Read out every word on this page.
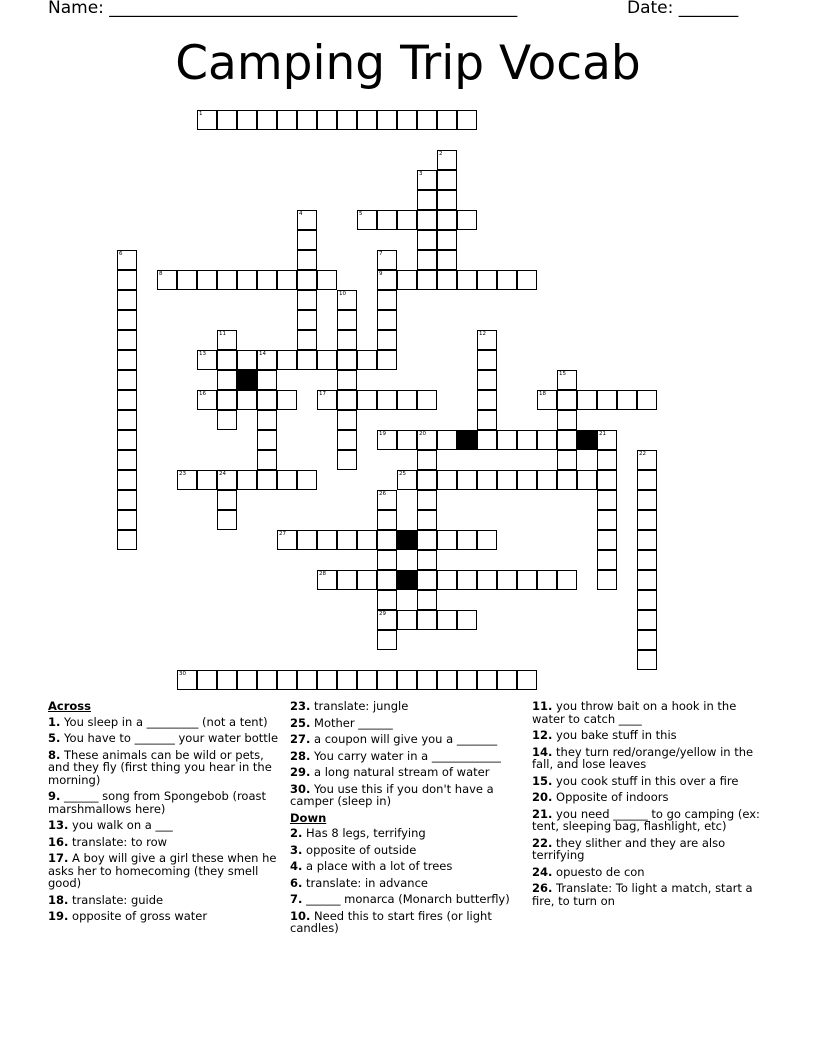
Name: ________________________________________________	Date: _______
Camping Trip Vocab
1
2
3
4	5
6	7
9
8
10
11	12
13	14
15
16	17	18
19	20	21
22
23	24	25
26
29
27
28
30
Across
1. You sleep in a _________ (not a tent)
5. You have to _______ your water bottle
8. These animals can be wild or pets, and they fly (first thing you hear in the morning)
9. ______ song from Spongebob (roast marshmallows here)
13. you walk on a ___
16. translate: to row
17. A boy will give a girl these when he asks her to homecoming (they smell good)
18. translate: guide
19. opposite of gross water
23. translate: jungle
25. Mother ______
27. a coupon will give you a _______
28. You carry water in a ____________
29. a long natural stream of water
30. You use this if you don't have a camper (sleep in)
Down
2. Has 8 legs, terrifying
3. opposite of outside
4. a place with a lot of trees
6. translate: in advance
7. ______ monarca (Monarch butterfly)
10. Need this to start fires (or light candles)
11. you throw bait on a hook in the water to catch ____
12. you bake stuff in this
14. they turn red/orange/yellow in the fall, and lose leaves
15. you cook stuff in this over a fire
20. Opposite of indoors
21. you need ______ to go camping (ex: tent, sleeping bag, flashlight, etc)
22. they slither and they are also terrifying
24. opuesto de con
26. Translate: To light a match, start a fire, to turn on
